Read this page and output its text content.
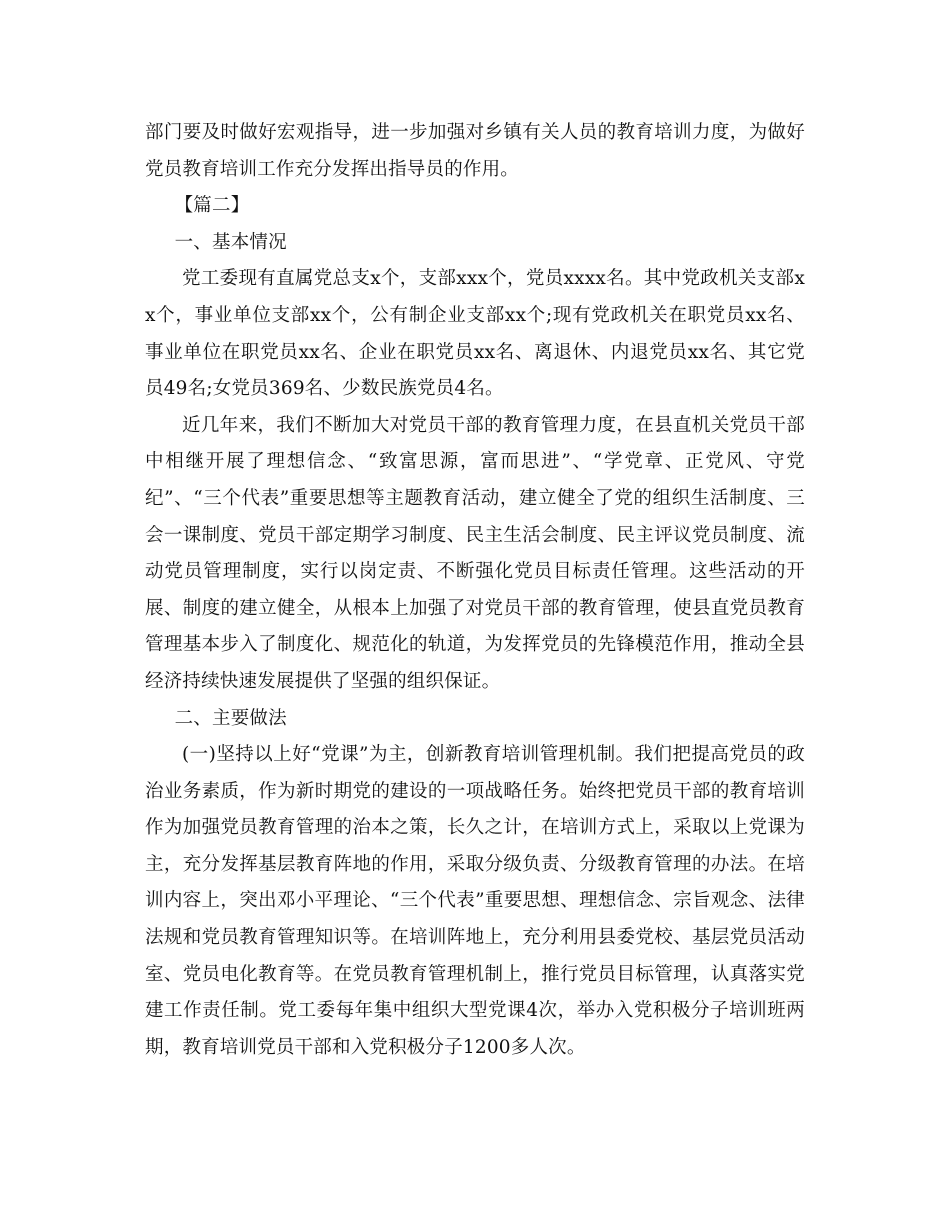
部门要及时做好宏观指导，进一步加强对乡镇有关人员的教育培训力度，为做好党员教育培训工作充分发挥出指导员的作用。

【篇二】

一、基本情况

党工委现有直属党总支x个，支部xxx个，党员xxxx名。其中党政机关支部xx个，事业单位支部xx个，公有制企业支部xx个;现有党政机关在职党员xx名、事业单位在职党员xx名、企业在职党员xx名、离退休、内退党员xx名、其它党员49名;女党员369名、少数民族党员4名。

近几年来，我们不断加大对党员干部的教育管理力度，在县直机关党员干部中相继开展了理想信念、“致富思源，富而思进”、“学党章、正党风、守党纪”、“三个代表”重要思想等主题教育活动，建立健全了党的组织生活制度、三会一课制度、党员干部定期学习制度、民主生活会制度、民主评议党员制度、流动党员管理制度，实行以岗定责、不断强化党员目标责任管理。这些活动的开展、制度的建立健全，从根本上加强了对党员干部的教育管理，使县直党员教育管理基本步入了制度化、规范化的轨道，为发挥党员的先锋模范作用，推动全县经济持续快速发展提供了坚强的组织保证。

二、主要做法

(一)坚持以上好“党课”为主，创新教育培训管理机制。我们把提高党员的政治业务素质，作为新时期党的建设的一项战略任务。始终把党员干部的教育培训作为加强党员教育管理的治本之策，长久之计，在培训方式上，采取以上党课为主，充分发挥基层教育阵地的作用，采取分级负责、分级教育管理的办法。在培训内容上，突出邓小平理论、“三个代表”重要思想、理想信念、宗旨观念、法律法规和党员教育管理知识等。在培训阵地上，充分利用县委党校、基层党员活动室、党员电化教育等。在党员教育管理机制上，推行党员目标管理，认真落实党建工作责任制。党工委每年集中组织大型党课4次，举办入党积极分子培训班两期，教育培训党员干部和入党积极分子1200多人次。
